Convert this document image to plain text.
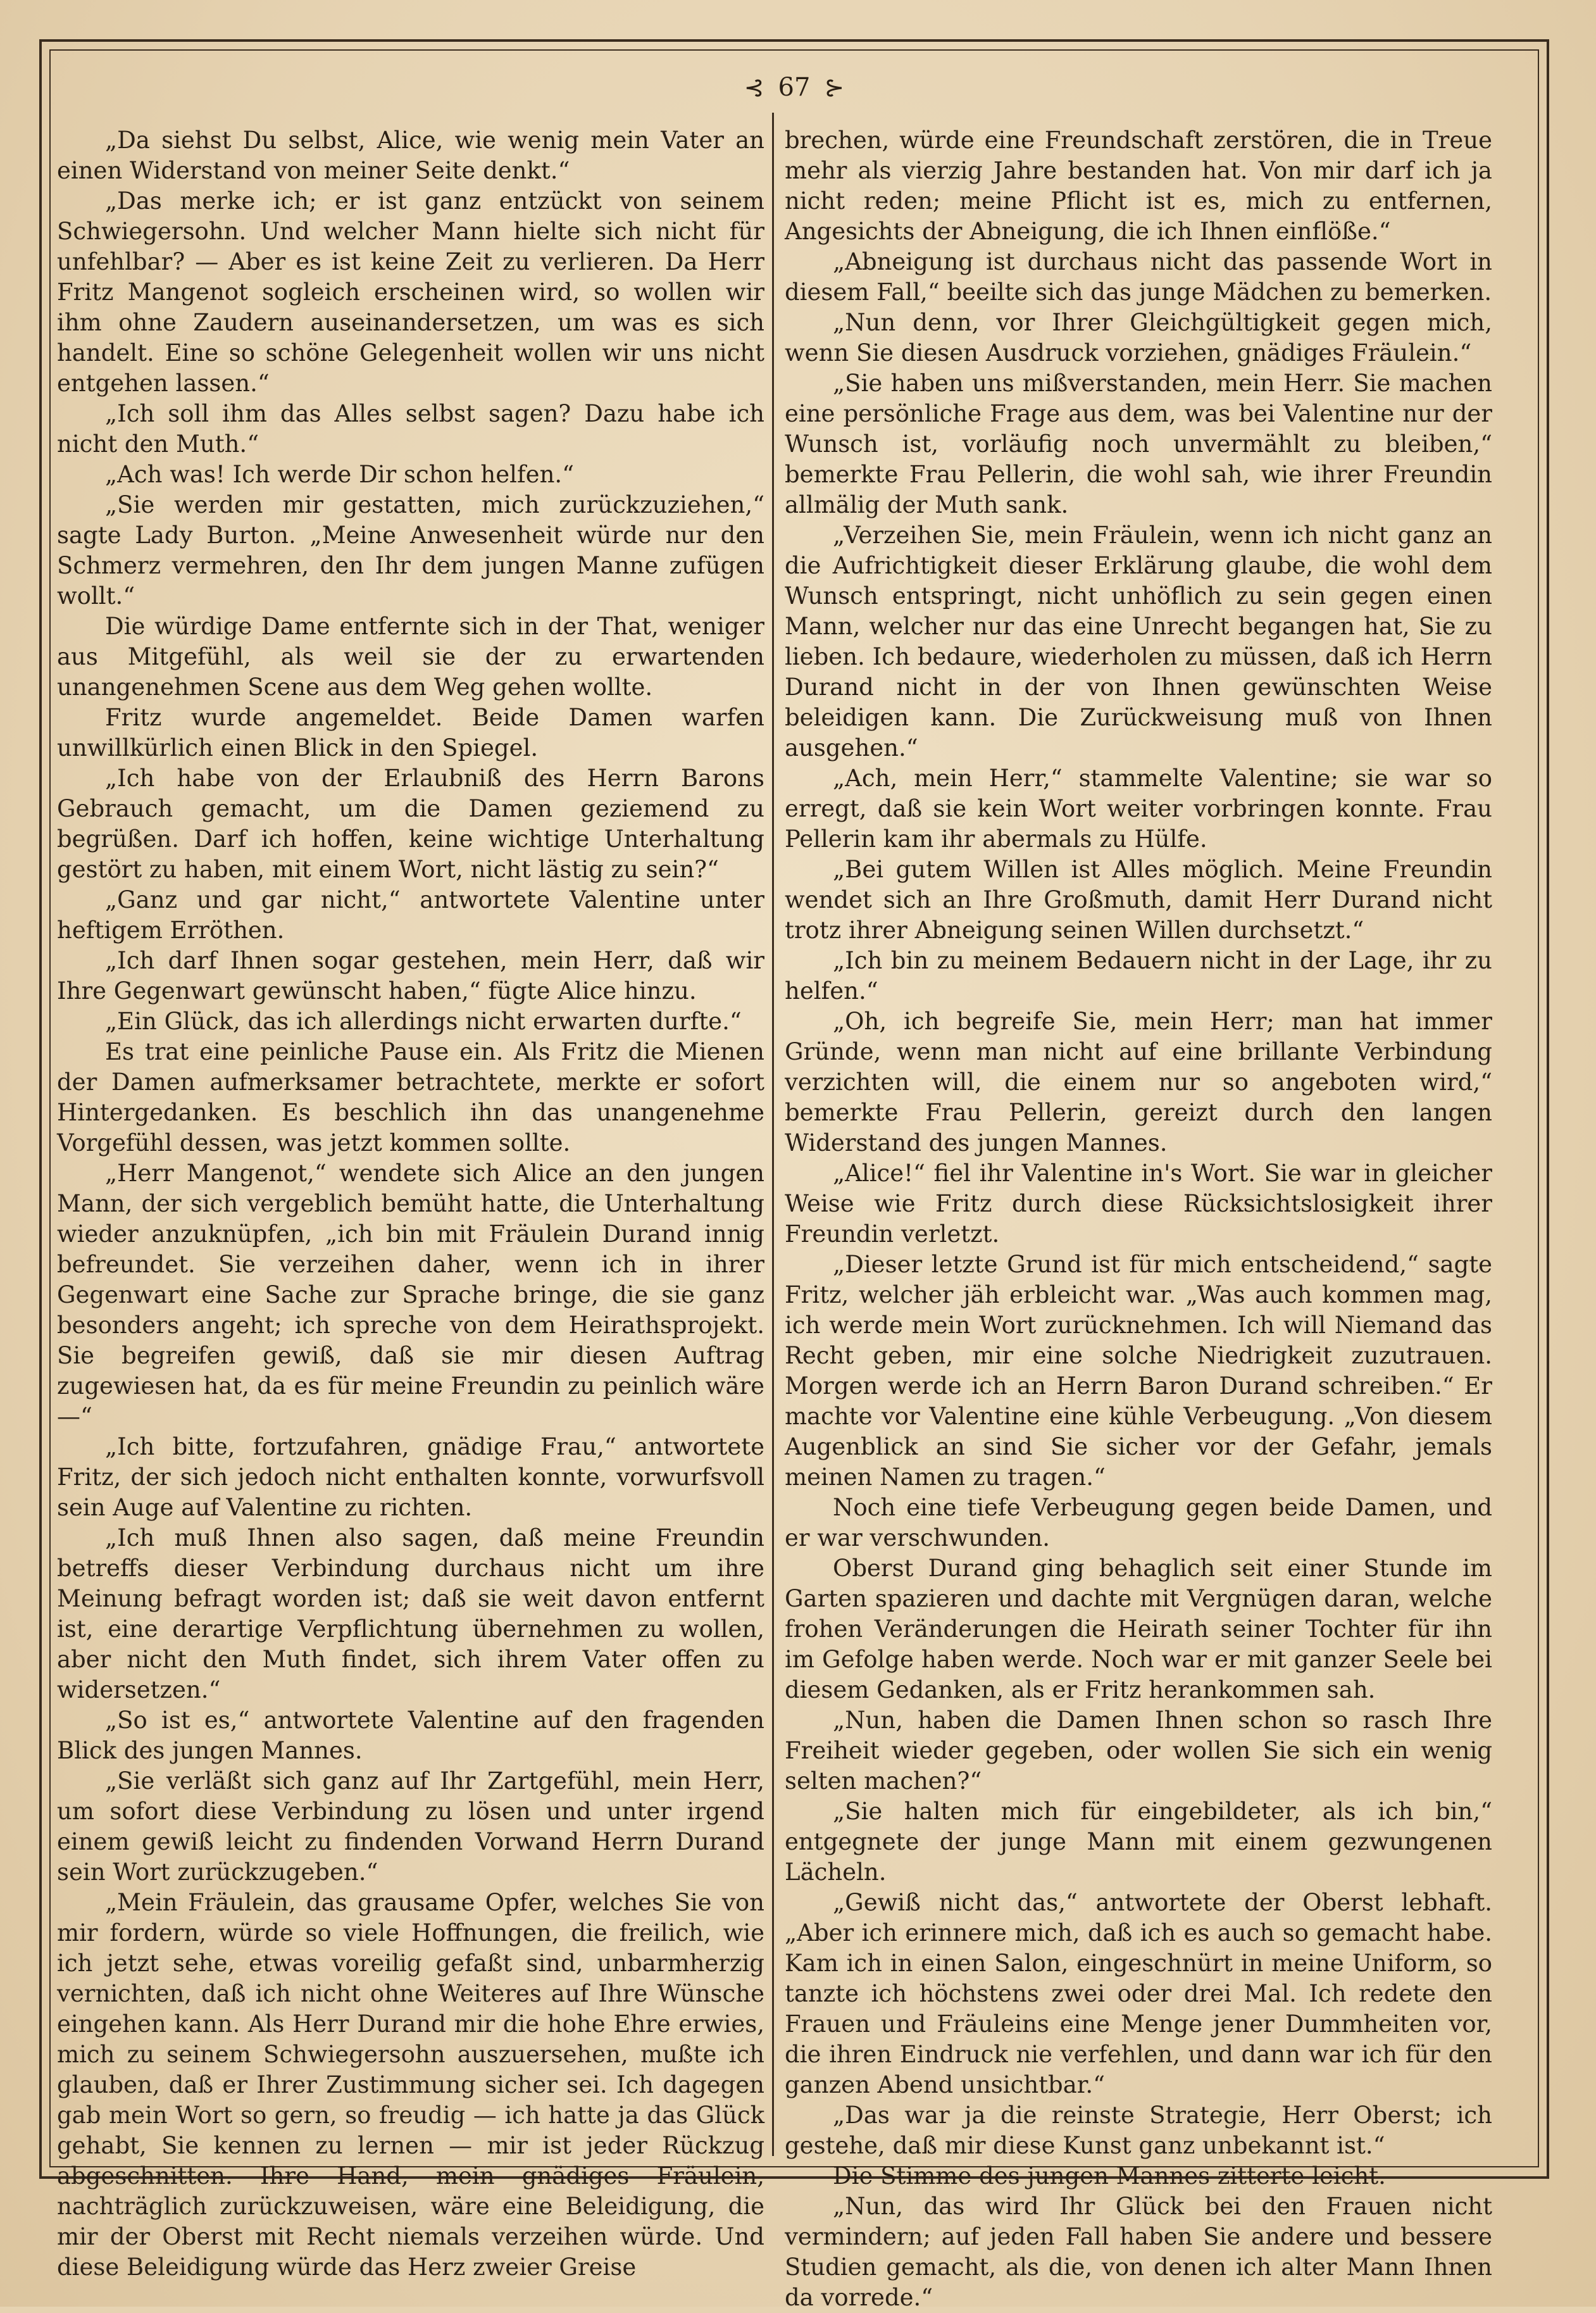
⊰ 67 ⊱

„Da siehst Du selbst, Alice, wie wenig mein Vater an einen Widerstand von meiner Seite denkt.“

„Das merke ich; er ist ganz entzückt von seinem Schwiegersohn. Und welcher Mann hielte sich nicht für unfehlbar? — Aber es ist keine Zeit zu verlieren. Da Herr Fritz Mangenot sogleich erscheinen wird, so wollen wir ihm ohne Zaudern auseinandersetzen, um was es sich handelt. Eine so schöne Gelegenheit wollen wir uns nicht entgehen lassen.“

„Ich soll ihm das Alles selbst sagen? Dazu habe ich nicht den Muth.“

„Ach was! Ich werde Dir schon helfen.“

„Sie werden mir gestatten, mich zurückzuziehen,“ sagte Lady Burton. „Meine Anwesenheit würde nur den Schmerz vermehren, den Ihr dem jungen Manne zufügen wollt.“

Die würdige Dame entfernte sich in der That, weniger aus Mitgefühl, als weil sie der zu erwartenden unangenehmen Scene aus dem Weg gehen wollte.

Fritz wurde angemeldet. Beide Damen warfen unwillkürlich einen Blick in den Spiegel.

„Ich habe von der Erlaubniß des Herrn Barons Gebrauch gemacht, um die Damen geziemend zu begrüßen. Darf ich hoffen, keine wichtige Unterhaltung gestört zu haben, mit einem Wort, nicht lästig zu sein?“

„Ganz und gar nicht,“ antwortete Valentine unter heftigem Erröthen.

„Ich darf Ihnen sogar gestehen, mein Herr, daß wir Ihre Gegenwart gewünscht haben,“ fügte Alice hinzu.

„Ein Glück, das ich allerdings nicht erwarten durfte.“

Es trat eine peinliche Pause ein. Als Fritz die Mienen der Damen aufmerksamer betrachtete, merkte er sofort Hintergedanken. Es beschlich ihn das unangenehme Vorgefühl dessen, was jetzt kommen sollte.

„Herr Mangenot,“ wendete sich Alice an den jungen Mann, der sich vergeblich bemüht hatte, die Unterhaltung wieder anzuknüpfen, „ich bin mit Fräulein Durand innig befreundet. Sie verzeihen daher, wenn ich in ihrer Gegenwart eine Sache zur Sprache bringe, die sie ganz besonders angeht; ich spreche von dem Heirathsprojekt. Sie begreifen gewiß, daß sie mir diesen Auftrag zugewiesen hat, da es für meine Freundin zu peinlich wäre —“

„Ich bitte, fortzufahren, gnädige Frau,“ antwortete Fritz, der sich jedoch nicht enthalten konnte, vorwurfsvoll sein Auge auf Valentine zu richten.

„Ich muß Ihnen also sagen, daß meine Freundin betreffs dieser Verbindung durchaus nicht um ihre Meinung befragt worden ist; daß sie weit davon entfernt ist, eine derartige Verpflichtung übernehmen zu wollen, aber nicht den Muth findet, sich ihrem Vater offen zu widersetzen.“

„So ist es,“ antwortete Valentine auf den fragenden Blick des jungen Mannes.

„Sie verläßt sich ganz auf Ihr Zartgefühl, mein Herr, um sofort diese Verbindung zu lösen und unter irgend einem gewiß leicht zu findenden Vorwand Herrn Durand sein Wort zurückzugeben.“

„Mein Fräulein, das grausame Opfer, welches Sie von mir fordern, würde so viele Hoffnungen, die freilich, wie ich jetzt sehe, etwas voreilig gefaßt sind, unbarmherzig vernichten, daß ich nicht ohne Weiteres auf Ihre Wünsche eingehen kann. Als Herr Durand mir die hohe Ehre erwies, mich zu seinem Schwiegersohn auszuersehen, mußte ich glauben, daß er Ihrer Zustimmung sicher sei. Ich dagegen gab mein Wort so gern, so freudig — ich hatte ja das Glück gehabt, Sie kennen zu lernen — mir ist jeder Rückzug abgeschnitten. Ihre Hand, mein gnädiges Fräulein, nachträglich zurückzuweisen, wäre eine Beleidigung, die mir der Oberst mit Recht niemals verzeihen würde. Und diese Beleidigung würde das Herz zweier Greise

brechen, würde eine Freundschaft zerstören, die in Treue mehr als vierzig Jahre bestanden hat. Von mir darf ich ja nicht reden; meine Pflicht ist es, mich zu entfernen, Angesichts der Abneigung, die ich Ihnen einflöße.“

„Abneigung ist durchaus nicht das passende Wort in diesem Fall,“ beeilte sich das junge Mädchen zu bemerken.

„Nun denn, vor Ihrer Gleichgültigkeit gegen mich, wenn Sie diesen Ausdruck vorziehen, gnädiges Fräulein.“

„Sie haben uns mißverstanden, mein Herr. Sie machen eine persönliche Frage aus dem, was bei Valentine nur der Wunsch ist, vorläufig noch unvermählt zu bleiben,“ bemerkte Frau Pellerin, die wohl sah, wie ihrer Freundin allmälig der Muth sank.

„Verzeihen Sie, mein Fräulein, wenn ich nicht ganz an die Aufrichtigkeit dieser Erklärung glaube, die wohl dem Wunsch entspringt, nicht unhöflich zu sein gegen einen Mann, welcher nur das eine Unrecht begangen hat, Sie zu lieben. Ich bedaure, wiederholen zu müssen, daß ich Herrn Durand nicht in der von Ihnen gewünschten Weise beleidigen kann. Die Zurückweisung muß von Ihnen ausgehen.“

„Ach, mein Herr,“ stammelte Valentine; sie war so erregt, daß sie kein Wort weiter vorbringen konnte. Frau Pellerin kam ihr abermals zu Hülfe.

„Bei gutem Willen ist Alles möglich. Meine Freundin wendet sich an Ihre Großmuth, damit Herr Durand nicht trotz ihrer Abneigung seinen Willen durchsetzt.“

„Ich bin zu meinem Bedauern nicht in der Lage, ihr zu helfen.“

„Oh, ich begreife Sie, mein Herr; man hat immer Gründe, wenn man nicht auf eine brillante Verbindung verzichten will, die einem nur so angeboten wird,“ bemerkte Frau Pellerin, gereizt durch den langen Widerstand des jungen Mannes.

„Alice!“ fiel ihr Valentine in's Wort. Sie war in gleicher Weise wie Fritz durch diese Rücksichtslosigkeit ihrer Freundin verletzt.

„Dieser letzte Grund ist für mich entscheidend,“ sagte Fritz, welcher jäh erbleicht war. „Was auch kommen mag, ich werde mein Wort zurücknehmen. Ich will Niemand das Recht geben, mir eine solche Niedrigkeit zuzutrauen. Morgen werde ich an Herrn Baron Durand schreiben.“ Er machte vor Valentine eine kühle Verbeugung. „Von diesem Augenblick an sind Sie sicher vor der Gefahr, jemals meinen Namen zu tragen.“

Noch eine tiefe Verbeugung gegen beide Damen, und er war verschwunden.

Oberst Durand ging behaglich seit einer Stunde im Garten spazieren und dachte mit Vergnügen daran, welche frohen Veränderungen die Heirath seiner Tochter für ihn im Gefolge haben werde. Noch war er mit ganzer Seele bei diesem Gedanken, als er Fritz herankommen sah.

„Nun, haben die Damen Ihnen schon so rasch Ihre Freiheit wieder gegeben, oder wollen Sie sich ein wenig selten machen?“

„Sie halten mich für eingebildeter, als ich bin,“ entgegnete der junge Mann mit einem gezwungenen Lächeln.

„Gewiß nicht das,“ antwortete der Oberst lebhaft. „Aber ich erinnere mich, daß ich es auch so gemacht habe. Kam ich in einen Salon, eingeschnürt in meine Uniform, so tanzte ich höchstens zwei oder drei Mal. Ich redete den Frauen und Fräuleins eine Menge jener Dummheiten vor, die ihren Eindruck nie verfehlen, und dann war ich für den ganzen Abend unsichtbar.“

„Das war ja die reinste Strategie, Herr Oberst; ich gestehe, daß mir diese Kunst ganz unbekannt ist.“

Die Stimme des jungen Mannes zitterte leicht.

„Nun, das wird Ihr Glück bei den Frauen nicht vermindern; auf jeden Fall haben Sie andere und bessere Studien gemacht, als die, von denen ich alter Mann Ihnen da vorrede.“
